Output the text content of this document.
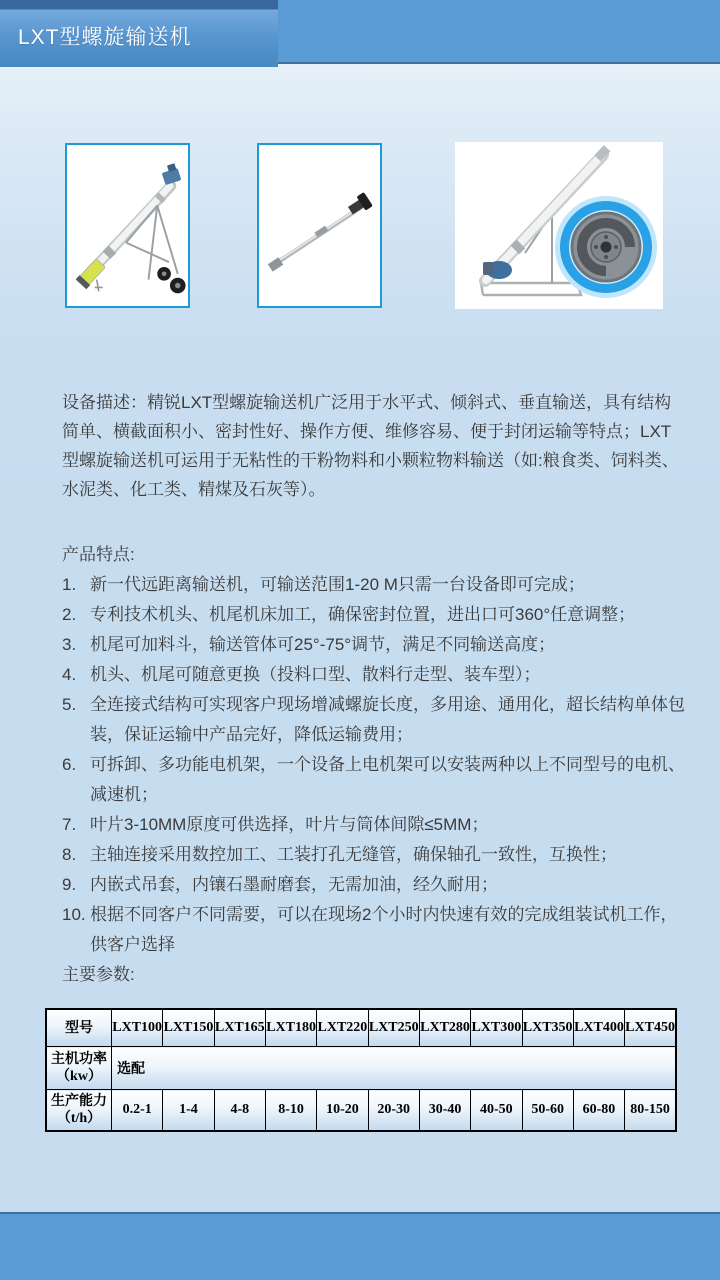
LXT型螺旋输送机

设备描述：精锐LXT型螺旋输送机广泛用于水平式、倾斜式、垂直输送，具有结构简单、横截面积小、密封性好、操作方便、维修容易、便于封闭运输等特点；LXT型螺旋输送机可运用于无粘性的干粉物料和小颗粒物料输送（如:粮食类、饲料类、水泥类、化工类、精煤及石灰等）。

产品特点:
1. 新一代远距离输送机，可输送范围1-20 M只需一台设备即可完成；
2. 专利技术机头、机尾机床加工，确保密封位置，进出口可360°任意调整；
3. 机尾可加料斗，输送管体可25°-75°调节，满足不同输送高度；
4. 机头、机尾可随意更换（投料口型、散料行走型、装车型）；
5. 全连接式结构可实现客户现场增减螺旋长度，多用途、通用化，超长结构单体包装，保证运输中产品完好，降低运输费用；
6. 可拆卸、多功能电机架，一个设备上电机架可以安装两种以上不同型号的电机、减速机；
7. 叶片3-10MM原度可供选择，叶片与筒体间隙≤5MM；
8. 主轴连接采用数控加工、工装打孔无缝管，确保轴孔一致性，互换性；
9. 内嵌式吊套，内镶石墨耐磨套，无需加油，经久耐用；
10. 根据不同客户不同需要，可以在现场2个小时内快速有效的完成组装试机工作，供客户选择
主要参数:
型号	LXT100	LXT150	LXT165	LXT180	LXT220	LXT250	LXT280	LXT300	LXT350	LXT400	LXT450

主机功率
（kw）	选配										

生产能力
（t/h）	0.2-1	1-4	4-8	8-10	10-20	20-30	30-40	40-50	50-60	60-80	80-150
